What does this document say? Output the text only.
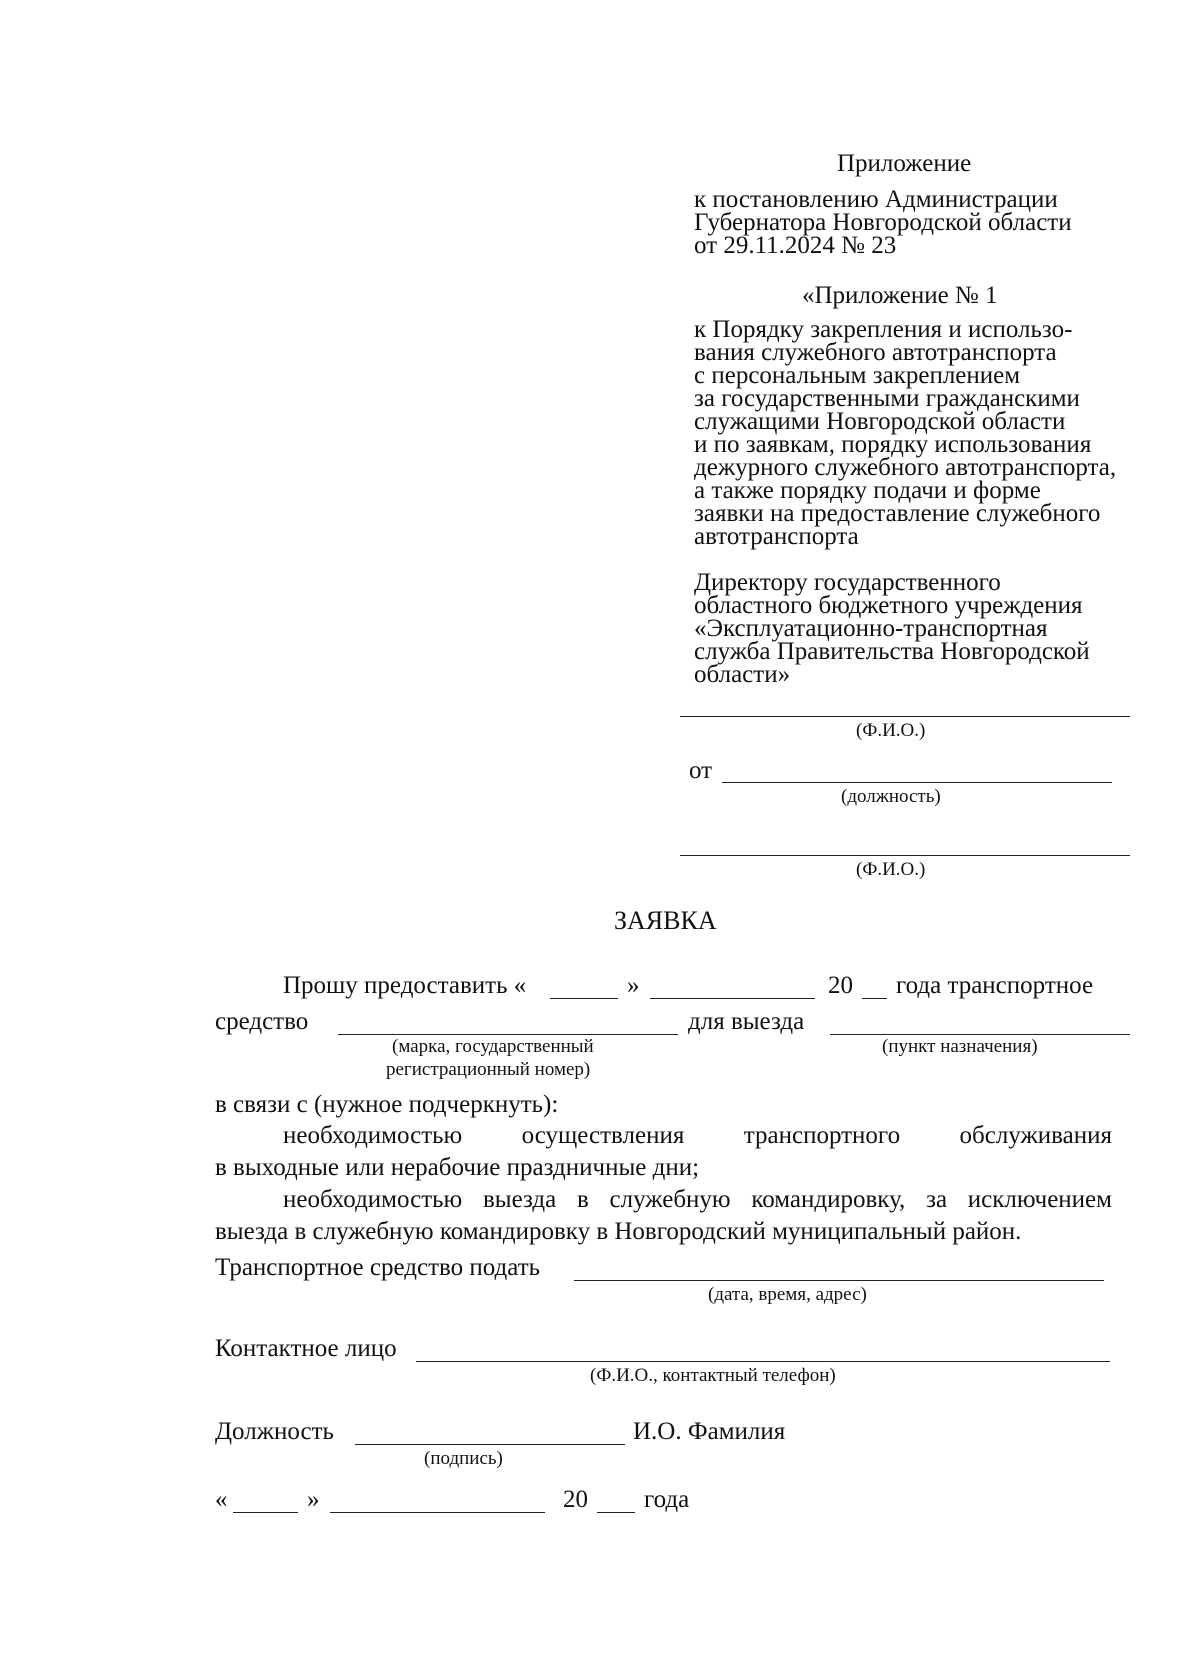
Приложение
к постановлению Администрации
Губернатора Новгородской области
от 29.11.2024 № 23
«Приложение № 1
к Порядку закрепления и использо-
вания служебного автотранспорта
с персональным закреплением
за государственными гражданскими
служащими Новгородской области
и по заявкам, порядку использования
дежурного служебного автотранспорта,
а также порядку подачи и форме
заявки на предоставление служебного
автотранспорта
Директору государственного
областного бюджетного учреждения
«Эксплуатационно-транспортная
служба Правительства Новгородской
области»
(Ф.И.О.)
от
(должность)
(Ф.И.О.)
ЗАЯВКА
Прошу предоставить «	»	20 года транспортное
средство	для выезда
(марка, государственный
регистрационный номер)
(пункт назначения)
в связи с (нужное подчеркнуть):
необходимостью осуществления транспортного обслуживания
в выходные или нерабочие праздничные дни;
необходимостью выезда в служебную командировку, за исключением
выезда в служебную командировку в Новгородский муниципальный район.
Транспортное средство подать
(дата, время, адрес)
Контактное лицо
(Ф.И.О., контактный телефон)
Должность	И.О. Фамилия
(подпись)
«	»	20 года
